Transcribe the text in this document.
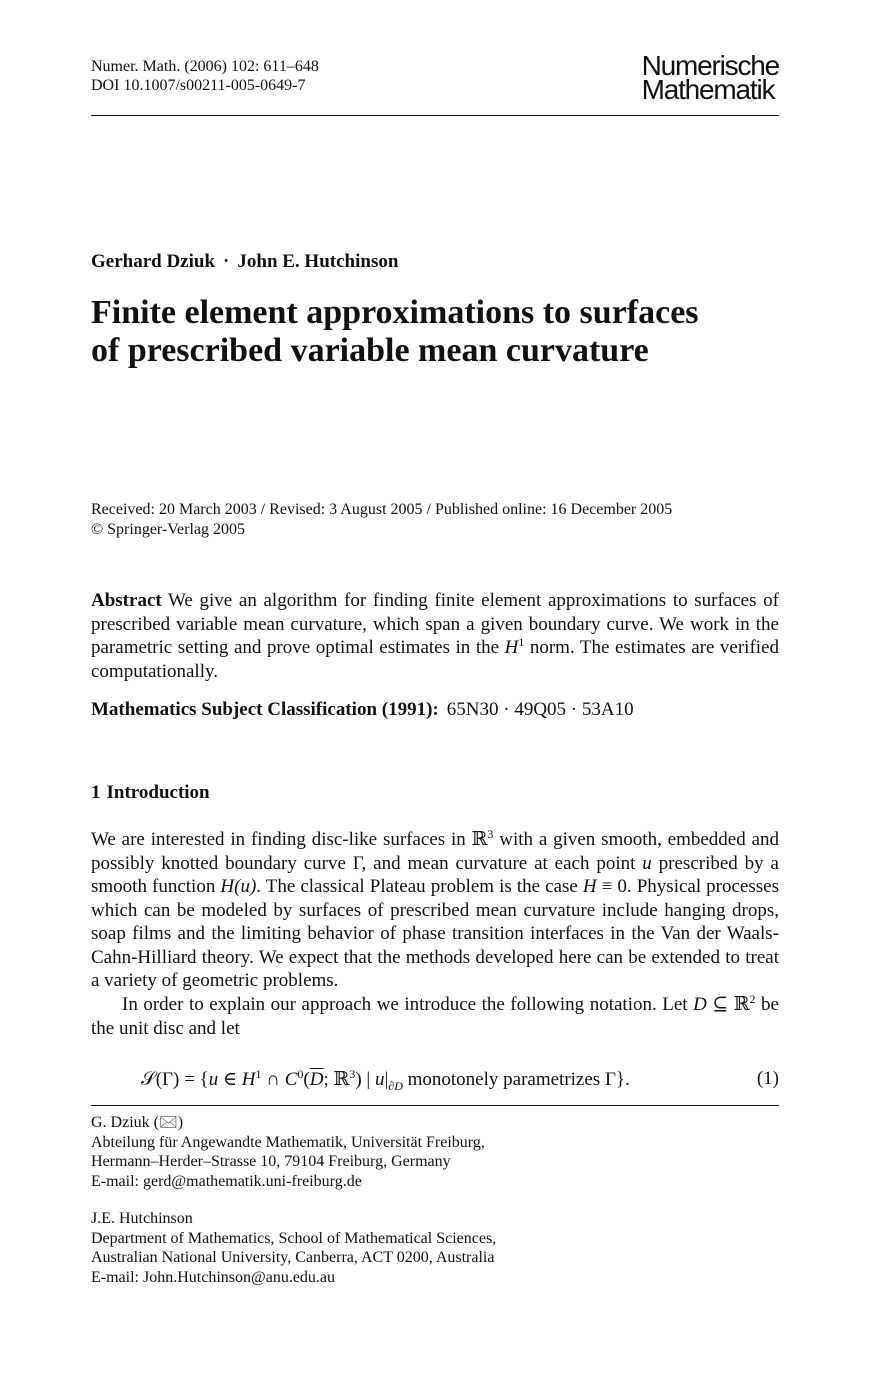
Numer. Math. (2006) 102: 611–648
DOI 10.1007/s00211-005-0649-7
Numerische
Mathematik
Gerhard Dziuk · John E. Hutchinson
Finite element approximations to surfaces
of prescribed variable mean curvature
Received: 20 March 2003 / Revised: 3 August 2005 / Published online: 16 December 2005
© Springer-Verlag 2005

Abstract We give an algorithm for finding finite element approximations to surfaces of prescribed variable mean curvature, which span a given boundary curve. We work in the parametric setting and prove optimal estimates in the $H^1$ norm. The estimates are verified computationally.

Mathematics Subject Classification (1991): 65N30 · 49Q05 · 53A10
1 Introduction

We are interested in finding disc-like surfaces in ℝ$^3$ with a given smooth, embedded and possibly knotted boundary curve Γ, and mean curvature at each point u prescribed by a smooth function H(u). The classical Plateau problem is the case H ≡ 0. Physical processes which can be modeled by surfaces of prescribed mean curvature include hanging drops, soap films and the limiting behavior of phase transition interfaces in the Van der Waals-Cahn-Hilliard theory. We expect that the methods developed here can be extended to treat a variety of geometric problems.

In order to explain our approach we introduce the following notation. Let D ⊆ ℝ$^2$ be the unit disc and let

𝒮(Γ) = {u ∈ $H^1$ ∩ $C^0(\overline{D}$; ℝ$^3$) | $u|_{\partial D}$ monotonely parametrizes Γ}.	(1)
G. Dziuk (🖂)
Abteilung für Angewandte Mathematik, Universität Freiburg,
Hermann–Herder–Strasse 10, 79104 Freiburg, Germany
E-mail: gerd@mathematik.uni-freiburg.de
J.E. Hutchinson
Department of Mathematics, School of Mathematical Sciences,
Australian National University, Canberra, ACT 0200, Australia
E-mail: John.Hutchinson@anu.edu.au
